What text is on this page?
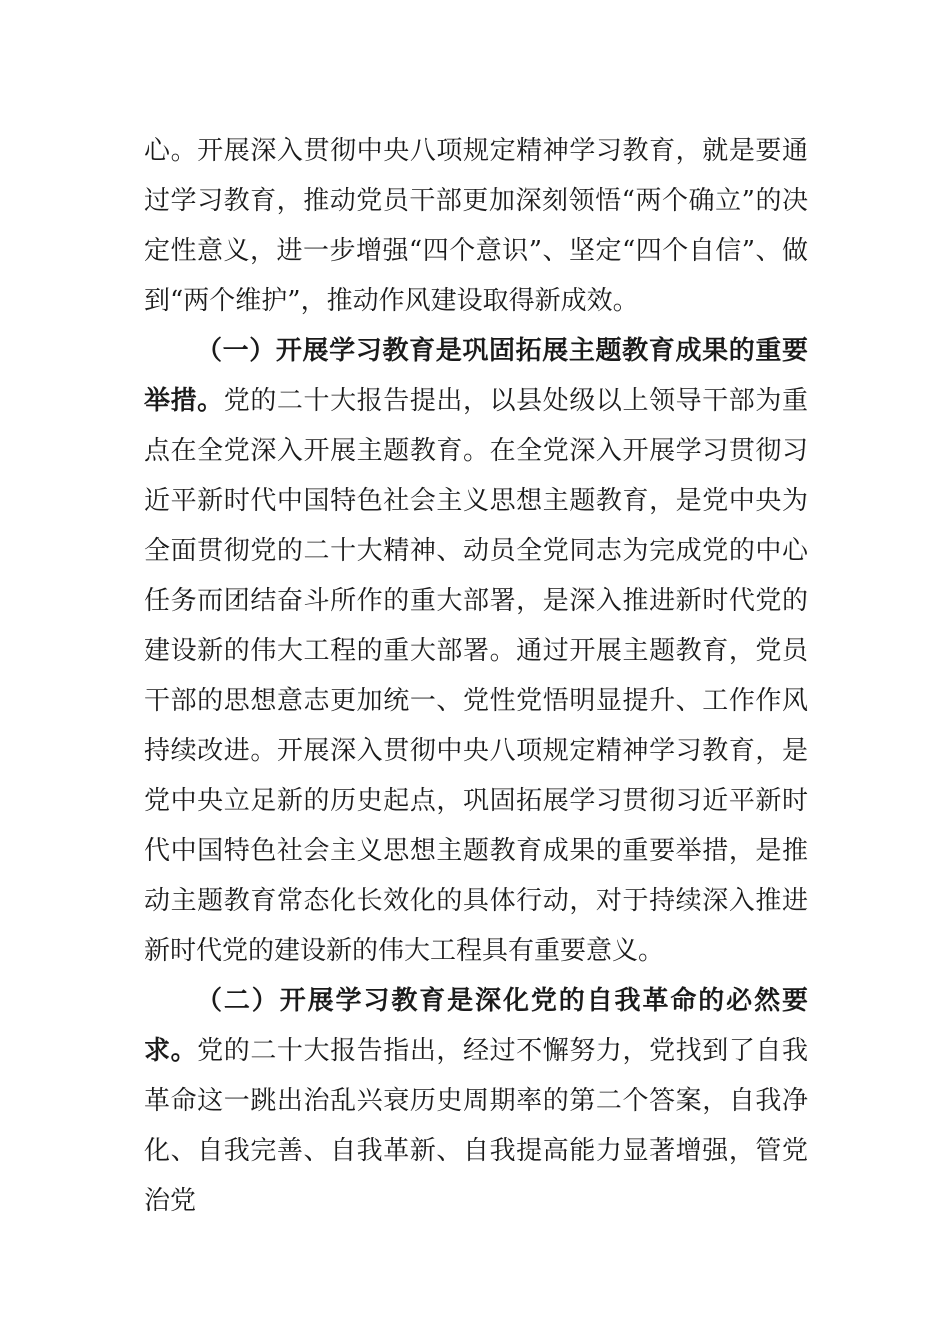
心。开展深入贯彻中央八项规定精神学习教育，就是要通过学习教育，推动党员干部更加深刻领悟“两个确立”的决定性意义，进一步增强“四个意识”、坚定“四个自信”、做到“两个维护”，推动作风建设取得新成效。

（一）开展学习教育是巩固拓展主题教育成果的重要举措。党的二十大报告提出，以县处级以上领导干部为重点在全党深入开展主题教育。在全党深入开展学习贯彻习近平新时代中国特色社会主义思想主题教育，是党中央为全面贯彻党的二十大精神、动员全党同志为完成党的中心任务而团结奋斗所作的重大部署，是深入推进新时代党的建设新的伟大工程的重大部署。通过开展主题教育，党员干部的思想意志更加统一、党性党悟明显提升、工作作风持续改进。开展深入贯彻中央八项规定精神学习教育，是党中央立足新的历史起点，巩固拓展学习贯彻习近平新时代中国特色社会主义思想主题教育成果的重要举措，是推动主题教育常态化长效化的具体行动，对于持续深入推进新时代党的建设新的伟大工程具有重要意义。

（二）开展学习教育是深化党的自我革命的必然要求。党的二十大报告指出，经过不懈努力，党找到了自我革命这一跳出治乱兴衰历史周期率的第二个答案，自我净化、自我完善、自我革新、自我提高能力显著增强，管党治党
